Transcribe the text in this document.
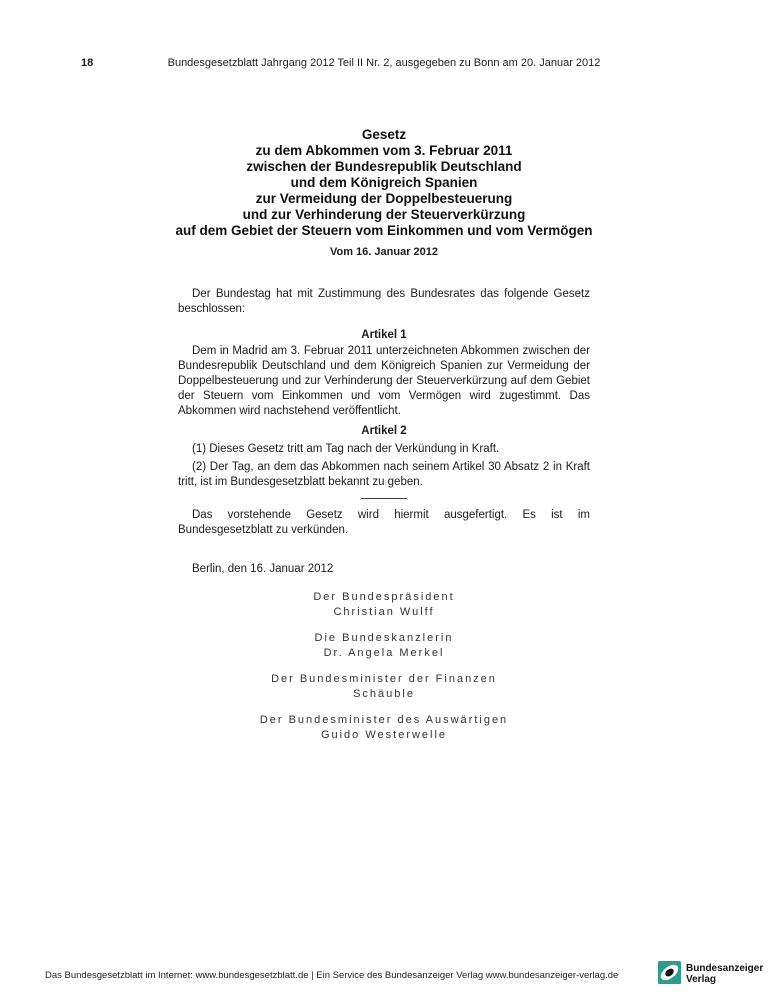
18	Bundesgesetzblatt Jahrgang 2012 Teil II Nr. 2, ausgegeben zu Bonn am 20. Januar 2012
Gesetz
zu dem Abkommen vom 3. Februar 2011
zwischen der Bundesrepublik Deutschland
und dem Königreich Spanien
zur Vermeidung der Doppelbesteuerung
und zur Verhinderung der Steuerverkürzung
auf dem Gebiet der Steuern vom Einkommen und vom Vermögen
Vom 16. Januar 2012

Der Bundestag hat mit Zustimmung des Bundesrates das folgende Gesetz beschlossen:

Artikel 1

Dem in Madrid am 3. Februar 2011 unterzeichneten Abkommen zwischen der Bundesrepublik Deutschland und dem Königreich Spanien zur Vermeidung der Doppelbesteuerung und zur Verhinderung der Steuerverkürzung auf dem Gebiet der Steuern vom Einkommen und vom Vermögen wird zugestimmt. Das Abkommen wird nachstehend veröffentlicht.

Artikel 2

(1) Dieses Gesetz tritt am Tag nach der Verkündung in Kraft.

(2) Der Tag, an dem das Abkommen nach seinem Artikel 30 Absatz 2 in Kraft tritt, ist im Bundesgesetzblatt bekannt zu geben.

Das vorstehende Gesetz wird hiermit ausgefertigt. Es ist im Bundesgesetzblatt zu verkünden.

Berlin, den 16. Januar 2012

Der Bundespräsident
Christian Wulff
Die Bundeskanzlerin
Dr. Angela Merkel
Der Bundesminister der Finanzen
Schäuble
Der Bundesminister des Auswärtigen
Guido Westerwelle
Das Bundesgesetzblatt im Internet: www.bundesgesetzblatt.de | Ein Service des Bundesanzeiger Verlag www.bundesanzeiger-verlag.de
Bundesanzeiger
Verlag
